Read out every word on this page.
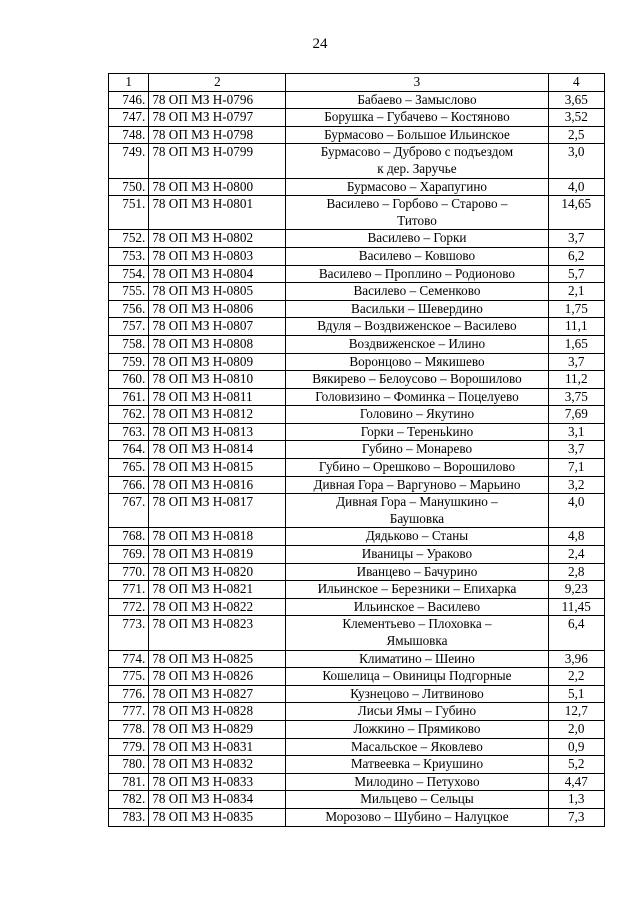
24
1	2	3	4
746.	78 ОП МЗ Н-0796	Бабаево – Замыслово	3,65
747.	78 ОП МЗ Н-0797	Борушка – Губачево – Костяново	3,52
748.	78 ОП МЗ Н-0798	Бурмасово – Большое Ильинское	2,5
749.	78 ОП МЗ Н-0799	Бурмасово – Дуброво с подъездом
к дер. Заручье	3,0
750.	78 ОП МЗ Н-0800	Бурмасово – Харапугино	4,0
751.	78 ОП МЗ Н-0801	Василево – Горбово – Старово –
Титово	14,65
752.	78 ОП МЗ Н-0802	Василево – Горки	3,7
753.	78 ОП МЗ Н-0803	Василево – Ковшово	6,2
754.	78 ОП МЗ Н-0804	Василево – Проплино – Родионово	5,7
755.	78 ОП МЗ Н-0805	Василево – Семенково	2,1
756.	78 ОП МЗ Н-0806	Васильки – Шевердино	1,75
757.	78 ОП МЗ Н-0807	Вдуля – Воздвиженское – Василево	11,1
758.	78 ОП МЗ Н-0808	Воздвиженское – Илино	1,65
759.	78 ОП МЗ Н-0809	Воронцово – Мякишево	3,7
760.	78 ОП МЗ Н-0810	Вякирево – Белоусово – Ворошилово	11,2
761.	78 ОП МЗ Н-0811	Головизино – Фоминка – Поцелуево	3,75
762.	78 ОП МЗ Н-0812	Головино – Якутино	7,69
763.	78 ОП МЗ Н-0813	Горки – Тереньkино	3,1
764.	78 ОП МЗ Н-0814	Губино – Монарево	3,7
765.	78 ОП МЗ Н-0815	Губино – Орешково – Ворошилово	7,1
766.	78 ОП МЗ Н-0816	Дивная Гора – Варгуново – Марьино	3,2
767.	78 ОП МЗ Н-0817	Дивная Гора – Манушкино –
Баушовка	4,0
768.	78 ОП МЗ Н-0818	Дядьково – Станы	4,8
769.	78 ОП МЗ Н-0819	Иваницы – Ураково	2,4
770.	78 ОП МЗ Н-0820	Иванцево – Бачурино	2,8
771.	78 ОП МЗ Н-0821	Ильинское – Березники – Епихарка	9,23
772.	78 ОП МЗ Н-0822	Ильинское – Василево	11,45
773.	78 ОП МЗ Н-0823	Клементьево – Плоховка –
Ямышовка	6,4
774.	78 ОП МЗ Н-0825	Климатино – Шеино	3,96
775.	78 ОП МЗ Н-0826	Кошелица – Овиницы Подгорные	2,2
776.	78 ОП МЗ Н-0827	Кузнецово – Литвиново	5,1
777.	78 ОП МЗ Н-0828	Лисьи Ямы – Губино	12,7
778.	78 ОП МЗ Н-0829	Ложкино – Прямиково	2,0
779.	78 ОП МЗ Н-0831	Масальское – Яковлево	0,9
780.	78 ОП МЗ Н-0832	Матвеевка – Криушино	5,2
781.	78 ОП МЗ Н-0833	Милодино – Петухово	4,47
782.	78 ОП МЗ Н-0834	Мильцево – Сельцы	1,3
783.	78 ОП МЗ Н-0835	Морозово – Шубино – Налуцкое	7,3
